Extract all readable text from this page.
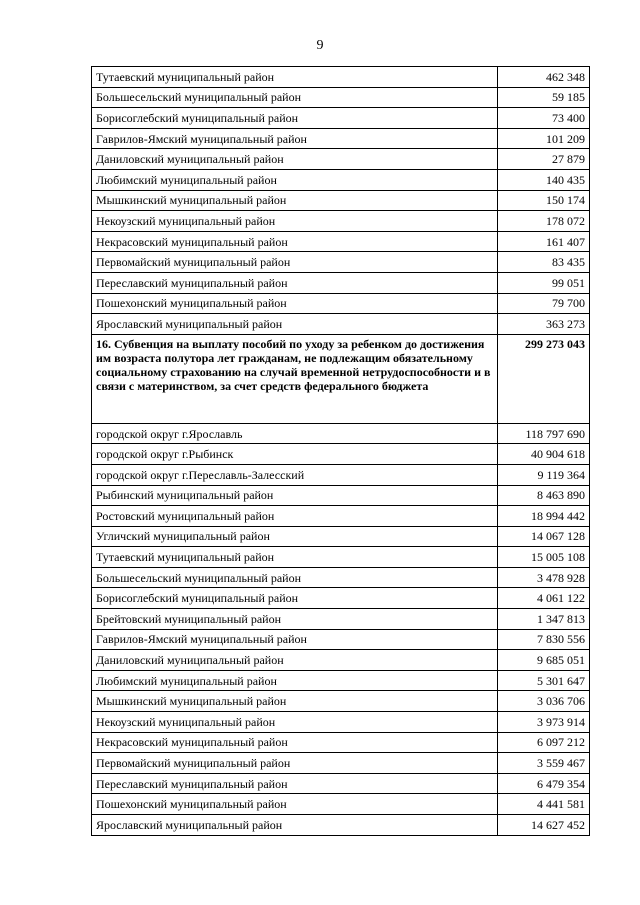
9
Тутаевский муниципальный район	462 348
Большесельский муниципальный район	59 185
Борисоглебский муниципальный район	73 400
Гаврилов-Ямский муниципальный район	101 209
Даниловский муниципальный район	27 879
Любимский муниципальный район	140 435
Мышкинский муниципальный район	150 174
Некоузский муниципальный район	178 072
Некрасовский муниципальный район	161 407
Первомайский муниципальный район	83 435
Переславский муниципальный район	99 051
Пошехонский муниципальный район	79 700
Ярославский муниципальный район	363 273
16. Субвенция на выплату пособий по уходу за ребенком до достижения им возраста полутора лет гражданам, не подлежащим обязательному социальному страхованию на случай временной нетрудоспособности и в связи с материнством, за счет средств федерального бюджета	299 273 043
городской округ г.Ярославль	118 797 690
городской округ г.Рыбинск	40 904 618
городской округ г.Переславль-Залесский	9 119 364
Рыбинский муниципальный район	8 463 890
Ростовский муниципальный район	18 994 442
Угличский муниципальный район	14 067 128
Тутаевский муниципальный район	15 005 108
Большесельский муниципальный район	3 478 928
Борисоглебский муниципальный район	4 061 122
Брейтовский муниципальный район	1 347 813
Гаврилов-Ямский муниципальный район	7 830 556
Даниловский муниципальный район	9 685 051
Любимский муниципальный район	5 301 647
Мышкинский муниципальный район	3 036 706
Некоузский муниципальный район	3 973 914
Некрасовский муниципальный район	6 097 212
Первомайский муниципальный район	3 559 467
Переславский муниципальный район	6 479 354
Пошехонский муниципальный район	4 441 581
Ярославский муниципальный район	14 627 452
